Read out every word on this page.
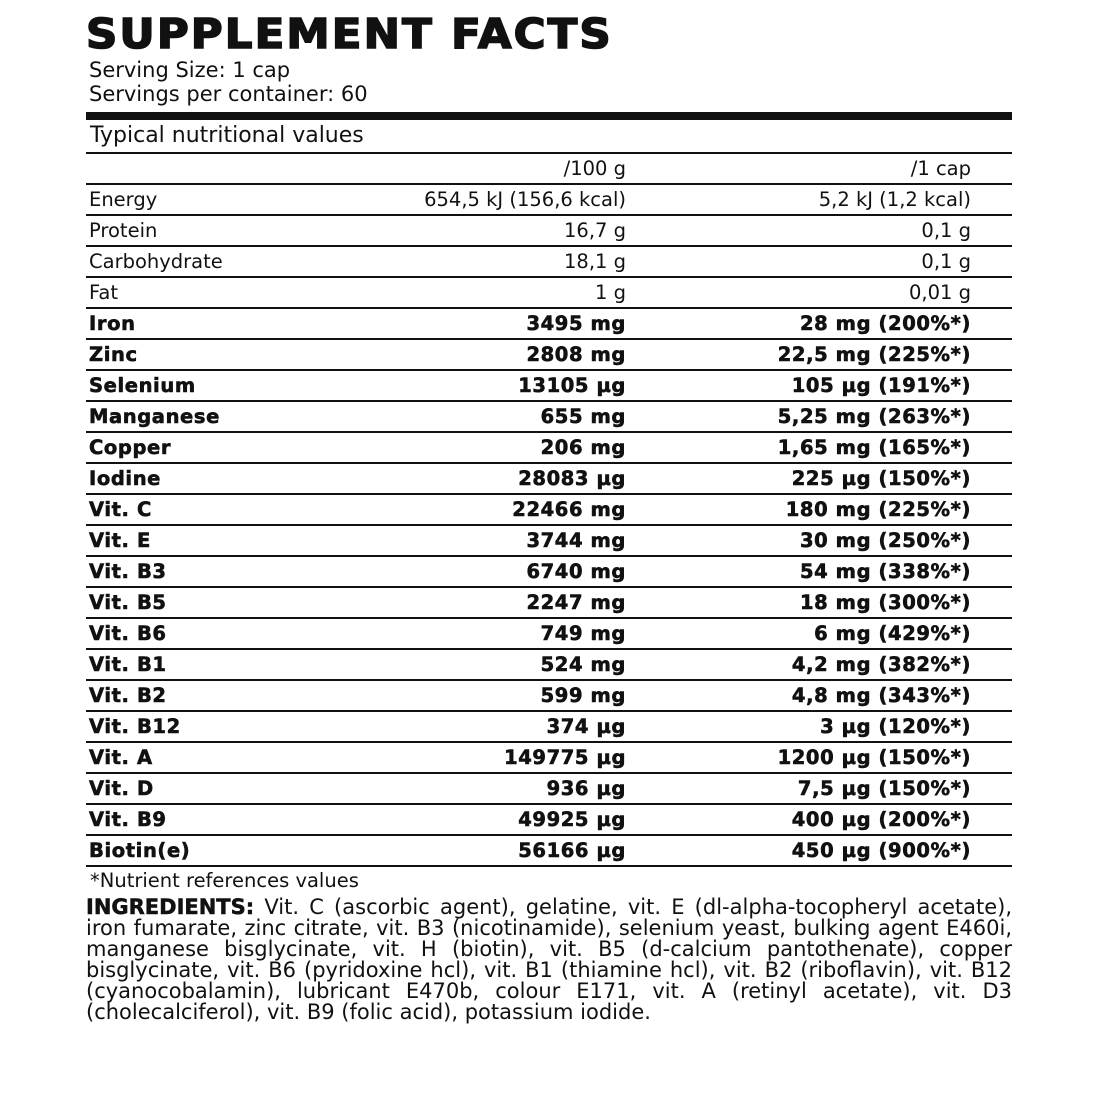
SUPPLEMENT FACTS
Serving Size: 1 cap
Servings per container: 60
Typical nutritional values
	/100 g	/1 cap	
Energy	654,5 kJ (156,6 kcal)	5,2 kJ (1,2 kcal)	
Protein	16,7 g	0,1 g	
Carbohydrate	18,1 g	0,1 g	
Fat	1 g	0,01 g	
Iron	3495 mg	28 mg (200%*)	
Zinc	2808 mg	22,5 mg (225%*)	
Selenium	13105 µg	105 µg (191%*)	
Manganese	655 mg	5,25 mg (263%*)	
Copper	206 mg	1,65 mg (165%*)	
Iodine	28083 µg	225 µg (150%*)	
Vit. C	22466 mg	180 mg (225%*)	
Vit. E	3744 mg	30 mg (250%*)	
Vit. B3	6740 mg	54 mg (338%*)	
Vit. B5	2247 mg	18 mg (300%*)	
Vit. B6	749 mg	6 mg (429%*)	
Vit. B1	524 mg	4,2 mg (382%*)	
Vit. B2	599 mg	4,8 mg (343%*)	
Vit. B12	374 µg	3 µg (120%*)	
Vit. A	149775 µg	1200 µg (150%*)	
Vit. D	936 µg	7,5 µg (150%*)	
Vit. B9	49925 µg	400 µg (200%*)	
Biotin(e)	56166 µg	450 µg (900%*)	
*Nutrient references values
INGREDIENTS: Vit. C (ascorbic agent), gelatine, vit. E (dl-alpha-tocopheryl acetate), iron fumarate, zinc citrate, vit. B3 (nicotinamide), selenium yeast, bulking agent E460i, manganese bisglycinate, vit. H (biotin), vit. B5 (d-calcium pantothenate), copper bisglycinate, vit. B6 (pyridoxine hcl), vit. B1 (thiamine hcl), vit. B2 (riboflavin), vit. B12 (cyanocobalamin), lubricant E470b, colour E171, vit. A (retinyl acetate), vit. D3 (cholecalciferol), vit. B9 (folic acid), potassium iodide.
